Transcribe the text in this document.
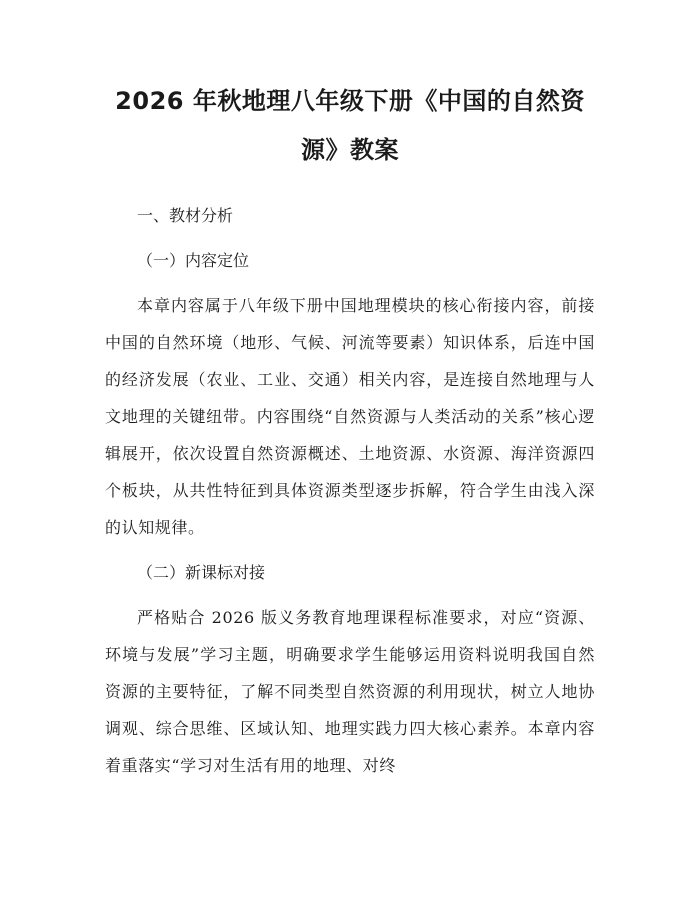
2026 年秋地理八年级下册《中国的自然资
源》教案

一、教材分析

（一）内容定位

本章内容属于八年级下册中国地理模块的核心衔接内容，前接中国的自然环境（地形、气候、河流等要素）知识体系，后连中国的经济发展（农业、工业、交通）相关内容，是连接自然地理与人文地理的关键纽带。内容围绕“自然资源与人类活动的关系”核心逻辑展开，依次设置自然资源概述、土地资源、水资源、海洋资源四个板块，从共性特征到具体资源类型逐步拆解，符合学生由浅入深的认知规律。

（二）新课标对接

严格贴合 2026 版义务教育地理课程标准要求，对应“资源、环境与发展”学习主题，明确要求学生能够运用资料说明我国自然资源的主要特征，了解不同类型自然资源的利用现状，树立人地协调观、综合思维、区域认知、地理实践力四大核心素养。本章内容着重落实“学习对生活有用的地理、对终
